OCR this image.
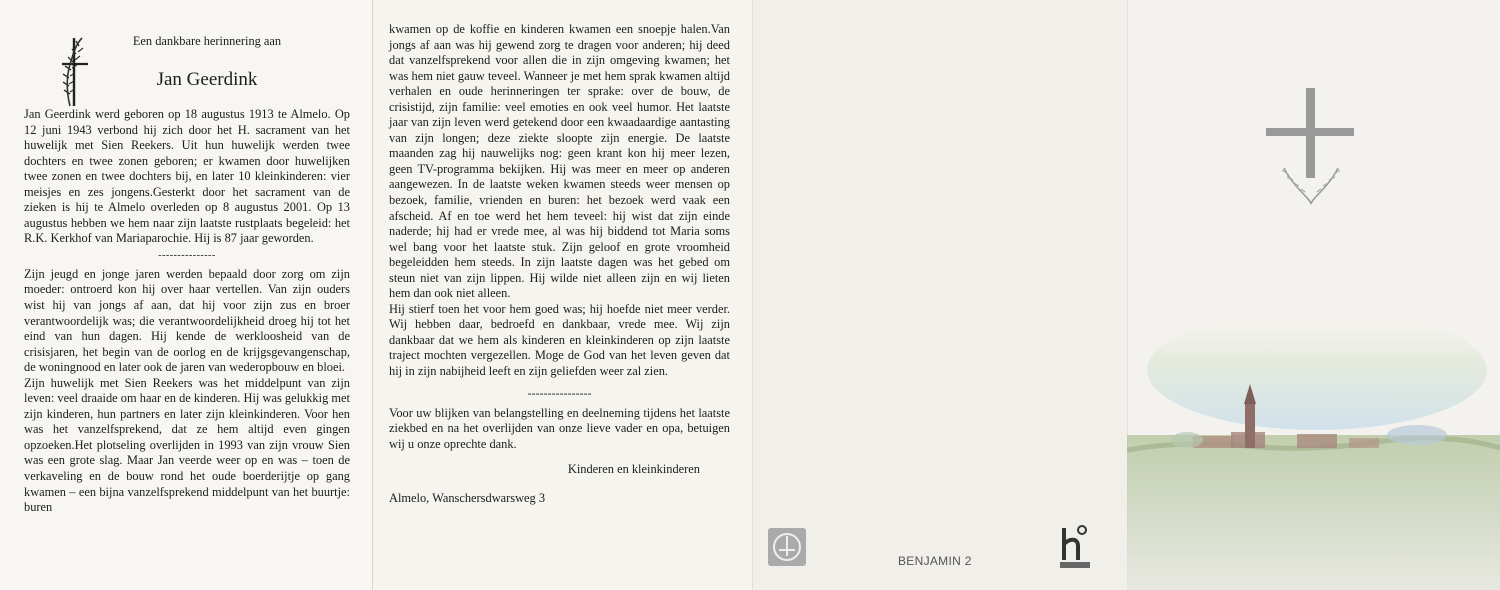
Een dankbare herinnering aan

Jan Geerdink

Jan Geerdink werd geboren op 18 augustus 1913 te Almelo. Op 12 juni 1943 verbond hij zich door het H. sacrament van het huwelijk met Sien Reekers. Uit hun huwelijk werden twee dochters en twee zonen geboren; er kwamen door huwelijken twee zonen en twee dochters bij, en later 10 kleinkinderen: vier meisjes en zes jongens.Gesterkt door het sacrament van de zieken is hij te Almelo overleden op 8 augustus 2001. Op 13 augustus hebben we hem naar zijn laatste rustplaats begeleid: het R.K. Kerkhof van Mariaparochie. Hij is 87 jaar geworden.

---------------

Zijn jeugd en jonge jaren werden bepaald door zorg om zijn moeder: ontroerd kon hij over haar vertellen. Van zijn ouders wist hij van jongs af aan, dat hij voor zijn zus en broer verantwoordelijk was; die verantwoordelijkheid droeg hij tot het eind van hun dagen. Hij kende de werkloosheid van de crisisjaren, het begin van de oorlog en de krijgsgevangenschap, de woningnood en later ook de jaren van wederopbouw en bloei.

Zijn huwelijk met Sien Reekers was het middelpunt van zijn leven: veel draaide om haar en de kinderen. Hij was gelukkig met zijn kinderen, hun partners en later zijn kleinkinderen. Voor hen was het vanzelfsprekend, dat ze hem altijd even gingen opzoeken.Het plotseling overlijden in 1993 van zijn vrouw Sien was een grote slag. Maar Jan veerde weer op en was – toen de verkaveling en de bouw rond het oude boerderijtje op gang kwamen – een bijna vanzelfsprekend middelpunt van het buurtje: buren

kwamen op de koffie en kinderen kwamen een snoepje halen.Van jongs af aan was hij gewend zorg te dragen voor anderen; hij deed dat vanzelfsprekend voor allen die in zijn omgeving kwamen; het was hem niet gauw teveel. Wanneer je met hem sprak kwamen altijd verhalen en oude herinneringen ter sprake: over de bouw, de crisistijd, zijn familie: veel emoties en ook veel humor. Het laatste jaar van zijn leven werd getekend door een kwaadaardige aantasting van zijn longen; deze ziekte sloopte zijn energie. De laatste maanden zag hij nauwelijks nog: geen krant kon hij meer lezen, geen TV-programma bekijken. Hij was meer en meer op anderen aangewezen. In de laatste weken kwamen steeds weer mensen op bezoek, familie, vrienden en buren: het bezoek werd vaak een afscheid. Af en toe werd het hem teveel: hij wist dat zijn einde naderde; hij had er vrede mee, al was hij biddend tot Maria soms wel bang voor het laatste stuk. Zijn geloof en grote vroomheid begeleidden hem steeds. In zijn laatste dagen was het gebed om steun niet van zijn lippen. Hij wilde niet alleen zijn en wij lieten hem dan ook niet alleen.

Hij stierf toen het voor hem goed was; hij hoefde niet meer verder. Wij hebben daar, bedroefd en dankbaar, vrede mee. Wij zijn dankbaar dat we hem als kinderen en kleinkinderen op zijn laatste traject mochten vergezellen. Moge de God van het leven geven dat hij in zijn nabijheid leeft en zijn geliefden weer zal zien.

----------------

Voor uw blijken van belangstelling en deelneming tijdens het laatste ziekbed en na het overlijden van onze lieve vader en opa, betuigen wij u onze oprechte dank.

Kinderen en kleinkinderen
Almelo, Wanschersdwarsweg 3
BENJAMIN 2
